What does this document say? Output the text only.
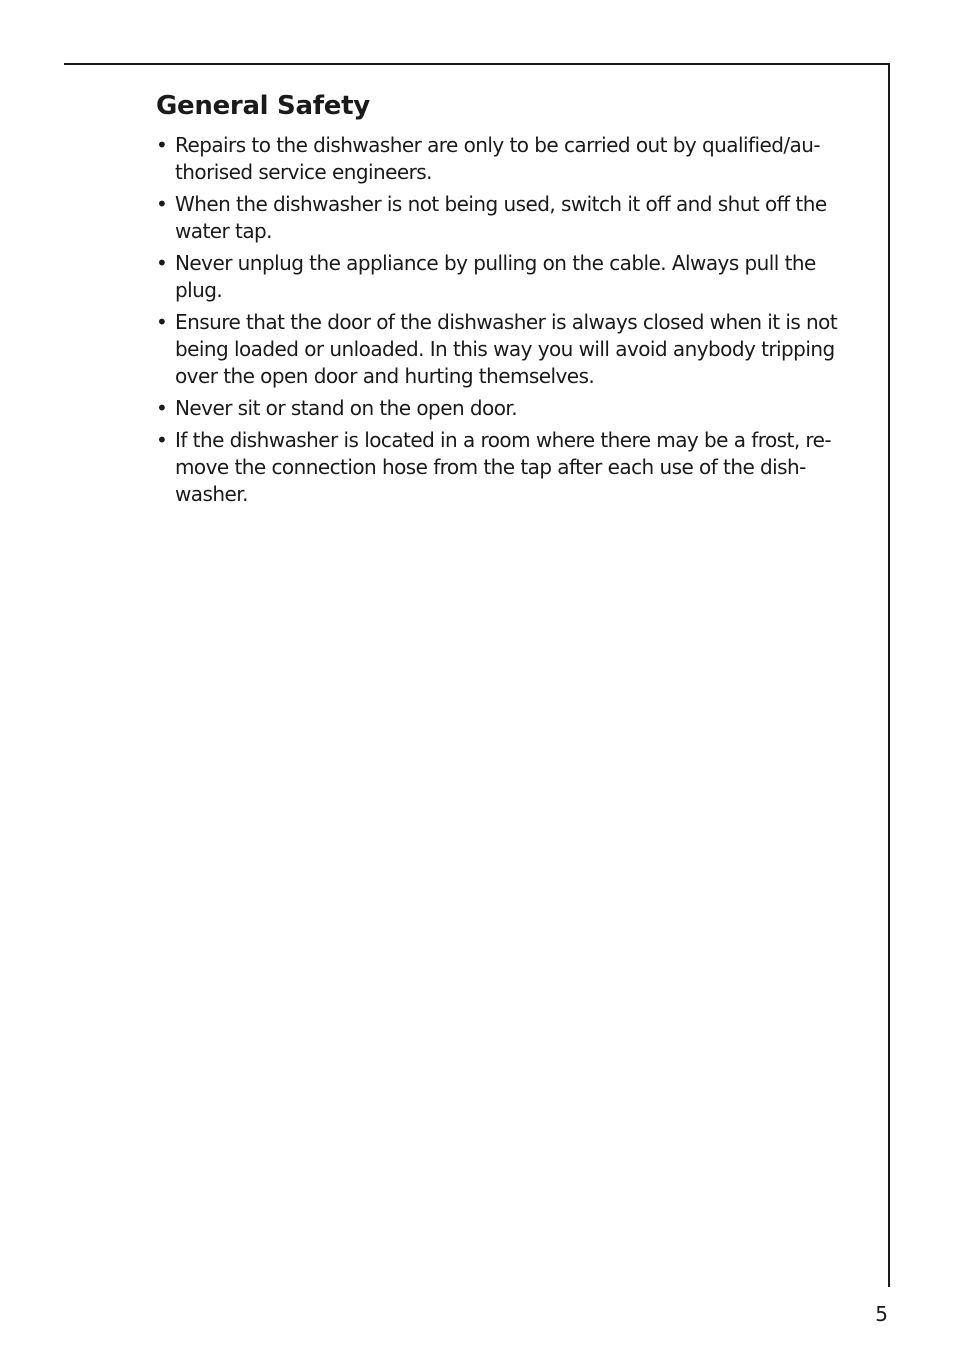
General Safety
• Repairs to the dishwasher are only to be carried out by qualified/au-thorised service engineers.
• When the dishwasher is not being used, switch it off and shut off the water tap.
• Never unplug the appliance by pulling on the cable. Always pull the plug.
• Ensure that the door of the dishwasher is always closed when it is not being loaded or unloaded. In this way you will avoid anybody tripping over the open door and hurting themselves.
• Never sit or stand on the open door.
• If the dishwasher is located in a room where there may be a frost, re-move the connection hose from the tap after each use of the dish-washer.
5
